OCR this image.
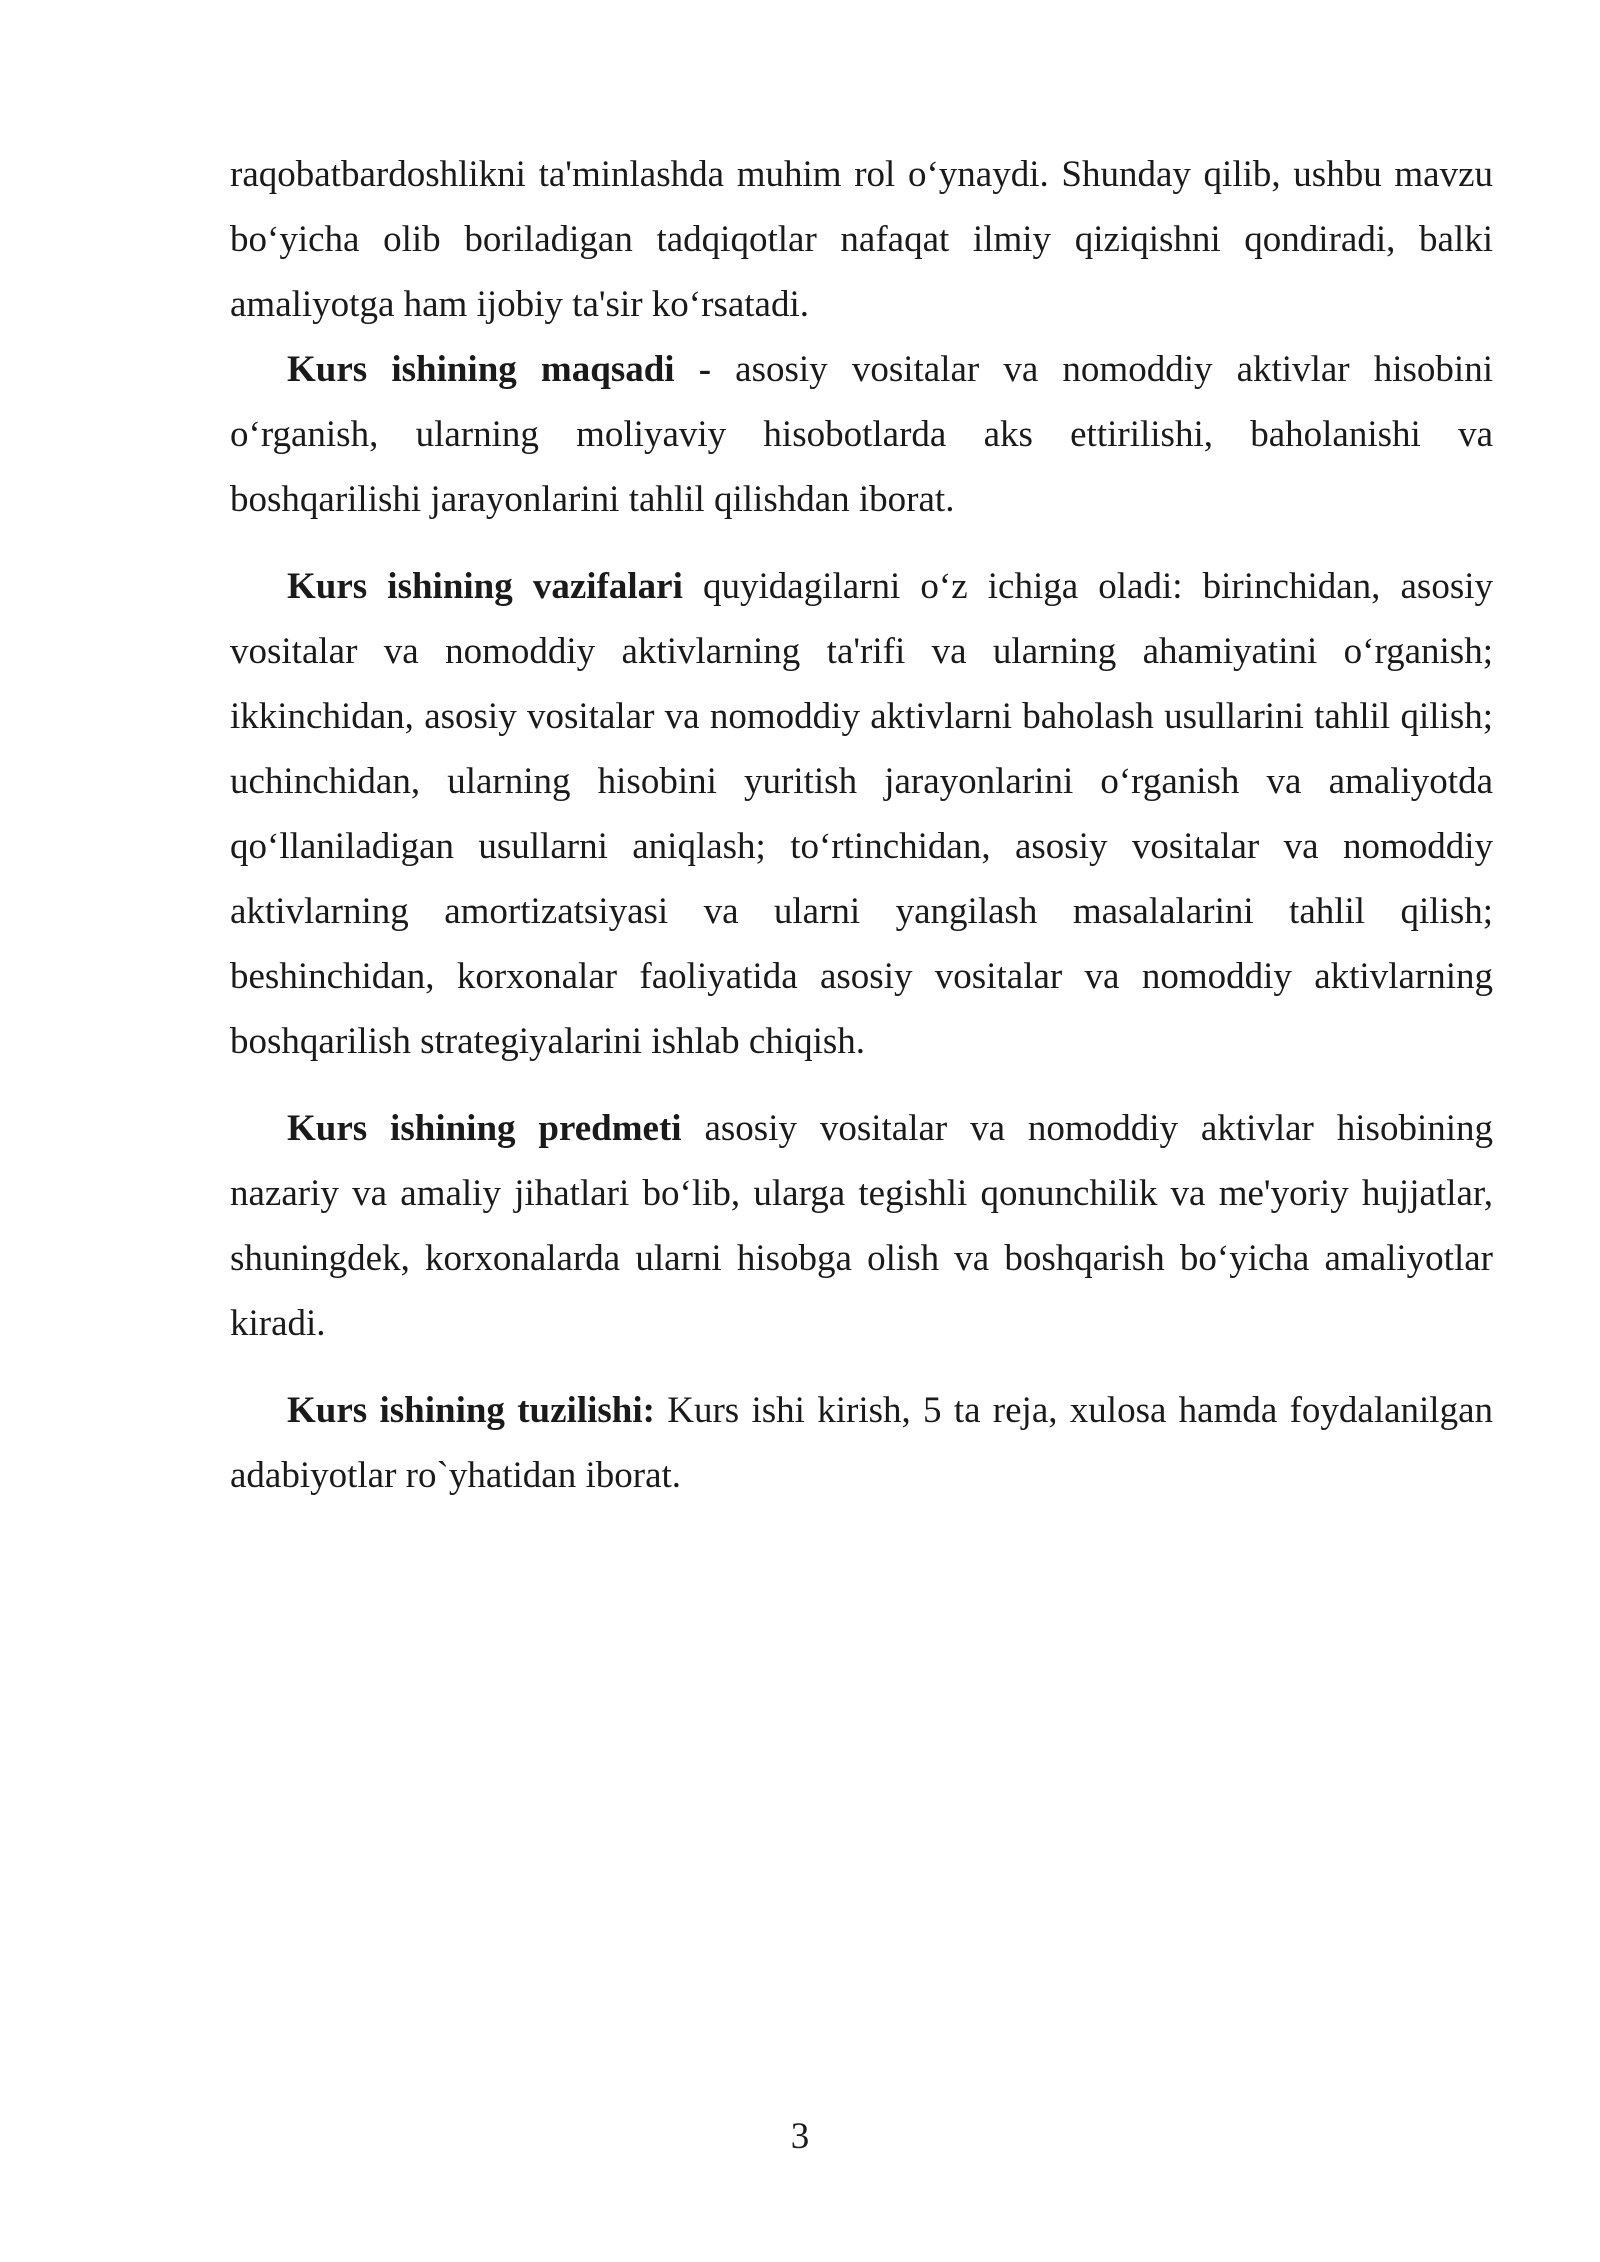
raqobatbardoshlikni ta'minlashda muhim rol o‘ynaydi. Shunday qilib, ushbu mavzu bo‘yicha olib boriladigan tadqiqotlar nafaqat ilmiy qiziqishni qondiradi, balki amaliyotga ham ijobiy ta'sir ko‘rsatadi.

Kurs ishining maqsadi - asosiy vositalar va nomoddiy aktivlar hisobini o‘rganish, ularning moliyaviy hisobotlarda aks ettirilishi, baholanishi va boshqarilishi jarayonlarini tahlil qilishdan iborat.

Kurs ishining vazifalari quyidagilarni o‘z ichiga oladi: birinchidan, asosiy vositalar va nomoddiy aktivlarning ta'rifi va ularning ahamiyatini o‘rganish; ikkinchidan, asosiy vositalar va nomoddiy aktivlarni baholash usullarini tahlil qilish; uchinchidan, ularning hisobini yuritish jarayonlarini o‘rganish va amaliyotda qo‘llaniladigan usullarni aniqlash; to‘rtinchidan, asosiy vositalar va nomoddiy aktivlarning amortizatsiyasi va ularni yangilash masalalarini tahlil qilish; beshinchidan, korxonalar faoliyatida asosiy vositalar va nomoddiy aktivlarning boshqarilish strategiyalarini ishlab chiqish.

Kurs ishining predmeti asosiy vositalar va nomoddiy aktivlar hisobining nazariy va amaliy jihatlari bo‘lib, ularga tegishli qonunchilik va me'yoriy hujjatlar, shuningdek, korxonalarda ularni hisobga olish va boshqarish bo‘yicha amaliyotlar kiradi.

Kurs ishining tuzilishi: Kurs ishi kirish, 5 ta reja, xulosa hamda foydalanilgan adabiyotlar ro`yhatidan iborat.

3
